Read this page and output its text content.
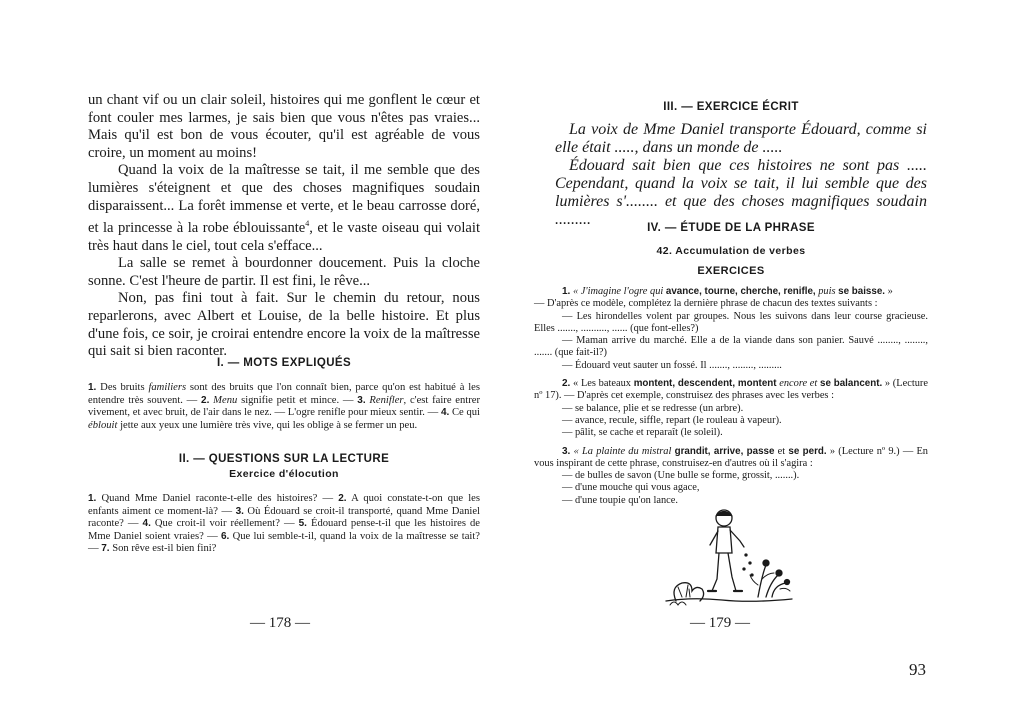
un chant vif ou un clair soleil, histoires qui me gonflent le cœur et font couler mes larmes, je sais bien que vous n'êtes pas vraies... Mais qu'il est bon de vous écouter, qu'il est agréable de vous croire, un moment au moins!

Quand la voix de la maîtresse se tait, il me semble que des lumières s'éteignent et que des choses magnifiques soudain disparaissent... La forêt immense et verte, et le beau carrosse doré, et la princesse à la robe éblouissante$^4$, et le vaste oiseau qui volait très haut dans le ciel, tout cela s'efface...

La salle se remet à bourdonner doucement. Puis la cloche sonne. C'est l'heure de partir. Il est fini, le rêve...

Non, pas fini tout à fait. Sur le chemin du retour, nous reparlerons, avec Albert et Louise, de la belle histoire. Et plus d'une fois, ce soir, je croirai entendre encore la voix de la maîtresse qui sait si bien raconter.

I. — MOTS EXPLIQUÉS

1. Des bruits familiers sont des bruits que l'on connaît bien, parce qu'on est habitué à les entendre très souvent. — 2. Menu signifie petit et mince. — 3. Renifler, c'est faire entrer vivement, et avec bruit, de l'air dans le nez. — L'ogre renifle pour mieux sentir. — 4. Ce qui éblouit jette aux yeux une lumière très vive, qui les oblige à se fermer un peu.

II. — QUESTIONS SUR LA LECTURE
Exercice d'élocution

1. Quand Mme Daniel raconte-t-elle des histoires? — 2. A quoi constate-t-on que les enfants aiment ce moment-là? — 3. Où Édouard se croit-il transporté, quand Mme Daniel raconte? — 4. Que croit-il voir réellement? — 5. Édouard pense-t-il que les histoires de Mme Daniel soient vraies? — 6. Que lui semble-t-il, quand la voix de la maîtresse se tait? — 7. Son rêve est-il bien fini?

— 178 —
III. — EXERCICE ÉCRIT

La voix de Mme Daniel transporte Édouard, comme si elle était ....., dans un monde de .....

Édouard sait bien que ces histoires ne sont pas ..... Cependant, quand la voix se tait, il lui semble que des lumières s'........ et que des choses magnifiques soudain .........	IV. — ÉTUDE DE LA PHRASE
42. Accumulation de verbes
EXERCICES

1. « J'imagine l'ogre qui avance, tourne, cherche, renifle, puis se baisse. »

— D'après ce modèle, complétez la dernière phrase de chacun des textes suivants :

— Les hirondelles volent par groupes. Nous les suivons dans leur course gracieuse. Elles ......., .........., ...... (que font-elles?)

— Maman arrive du marché. Elle a de la viande dans son panier. Sauvé ........, ........, ....... (que fait-il?)

— Édouard veut sauter un fossé. Il ......., ........, .........

2. « Les bateaux montent, descendent, montent encore et se balancent. » (Lecture nº 17). — D'après cet exemple, construisez des phrases avec les verbes :

— se balance, plie et se redresse (un arbre).

— avance, recule, siffle, repart (le rouleau à vapeur).

— pâlit, se cache et reparaît (le soleil).

3. « La plainte du mistral grandit, arrive, passe et se perd. » (Lecture nº 9.) — En vous inspirant de cette phrase, construisez-en d'autres où il s'agira :

— de bulles de savon (Une bulle se forme, grossit, .......).

— d'une mouche qui vous agace,

— d'une toupie qu'on lance.

— 179 —
93
